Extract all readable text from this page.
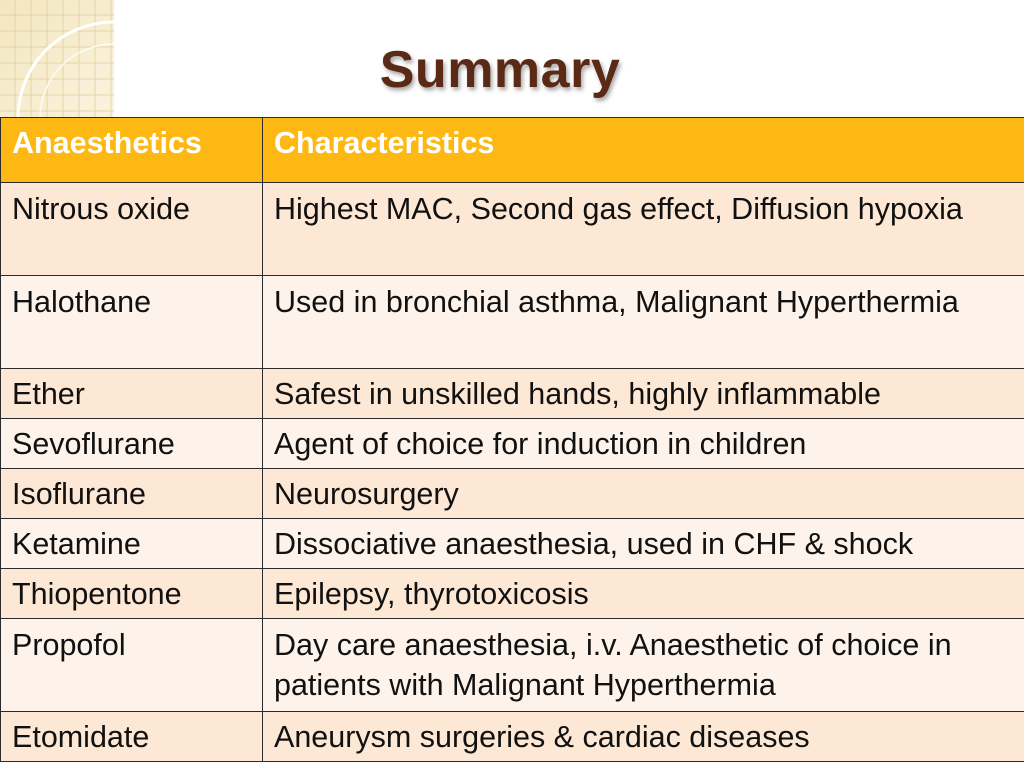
Summary
Anaesthetics	Characteristics
Nitrous oxide	Highest MAC, Second gas effect, Diffusion hypoxia
Halothane	Used in bronchial asthma, Malignant Hyperthermia
Ether	Safest in unskilled hands, highly inflammable
Sevoflurane	Agent of choice for induction in children
Isoflurane	Neurosurgery
Ketamine	Dissociative anaesthesia, used in CHF & shock
Thiopentone	Epilepsy, thyrotoxicosis
Propofol	Day care anaesthesia, i.v. Anaesthetic of choice in patients with Malignant Hyperthermia
Etomidate	Aneurysm surgeries & cardiac diseases
